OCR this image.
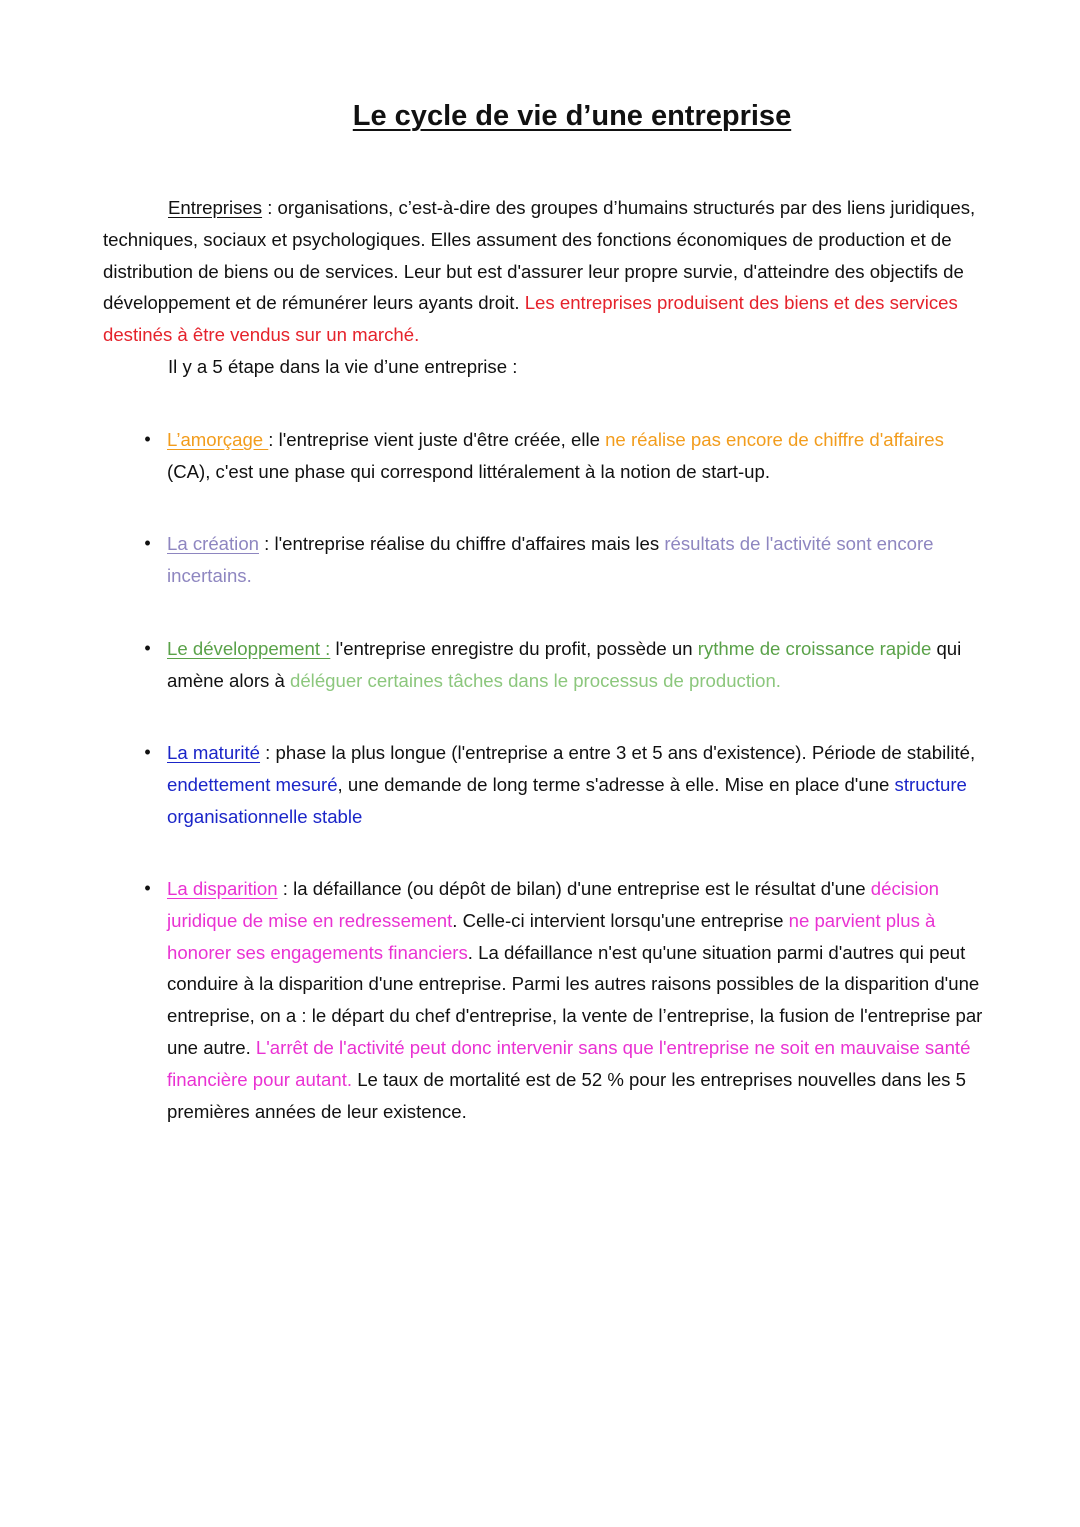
Le cycle de vie d’une entreprise

Entreprises : organisations, c’est-à-dire des groupes d’humains structurés par des liens juridiques, techniques, sociaux et psychologiques. Elles assument des fonctions économiques de production et de distribution de biens ou de services. Leur but est d'assurer leur propre survie, d'atteindre des objectifs de développement et de rémunérer leurs ayants droit. Les entreprises produisent des biens et des services destinés à être vendus sur un marché.
Il y a 5 étape dans la vie d’une entreprise :

• L’amorçage : l'entreprise vient juste d'être créée, elle ne réalise pas encore de chiffre d'affaires (CA), c'est une phase qui correspond littéralement à la notion de start-up.

• La création : l'entreprise réalise du chiffre d'affaires mais les résultats de l'activité sont encore incertains.

• Le développement : l'entreprise enregistre du profit, possède un rythme de croissance rapide qui amène alors à déléguer certaines tâches dans le processus de production.

• La maturité : phase la plus longue (l'entreprise a entre 3 et 5 ans d'existence). Période de stabilité, endettement mesuré, une demande de long terme s'adresse à elle. Mise en place d'une structure organisationnelle stable

• La disparition : la défaillance (ou dépôt de bilan) d'une entreprise est le résultat d'une décision juridique de mise en redressement. Celle-ci intervient lorsqu'une entreprise ne parvient plus à honorer ses engagements financiers. La défaillance n'est qu'une situation parmi d'autres qui peut conduire à la disparition d'une entreprise. Parmi les autres raisons possibles de la disparition d'une entreprise, on a : le départ du chef d'entreprise, la vente de l’entreprise, la fusion de l'entreprise par une autre. L'arrêt de l'activité peut donc intervenir sans que l'entreprise ne soit en mauvaise santé financière pour autant. Le taux de mortalité est de 52 % pour les entreprises nouvelles dans les 5 premières années de leur existence.
